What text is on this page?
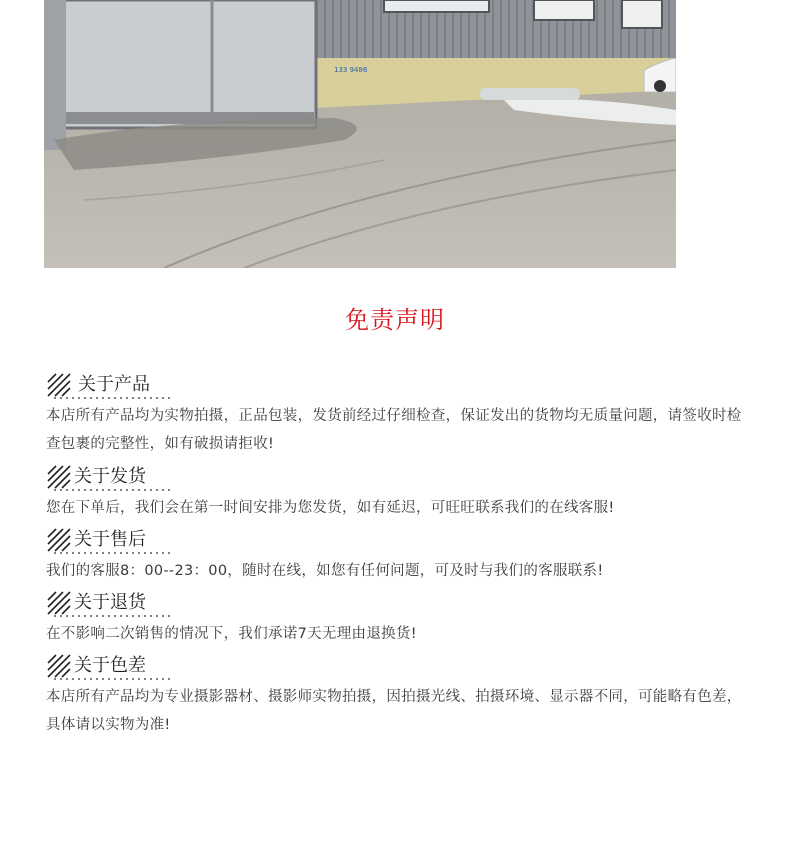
133 9486
免责声明
关于产品
本店所有产品均为实物拍摄，正品包装，发货前经过仔细检查，保证发出的货物均无质量问题，请签收时检查包裹的完整性，如有破损请拒收!
关于发货
您在下单后，我们会在第一时间安排为您发货，如有延迟，可旺旺联系我们的在线客服!
关于售后
我们的客服8：00--23：00，随时在线，如您有任何问题，可及时与我们的客服联系!
关于退货
在不影响二次销售的情况下，我们承诺7天无理由退换货!
关于色差
本店所有产品均为专业摄影器材、摄影师实物拍摄，因拍摄光线、拍摄环境、显示器不同，可能略有色差，具体请以实物为准!
